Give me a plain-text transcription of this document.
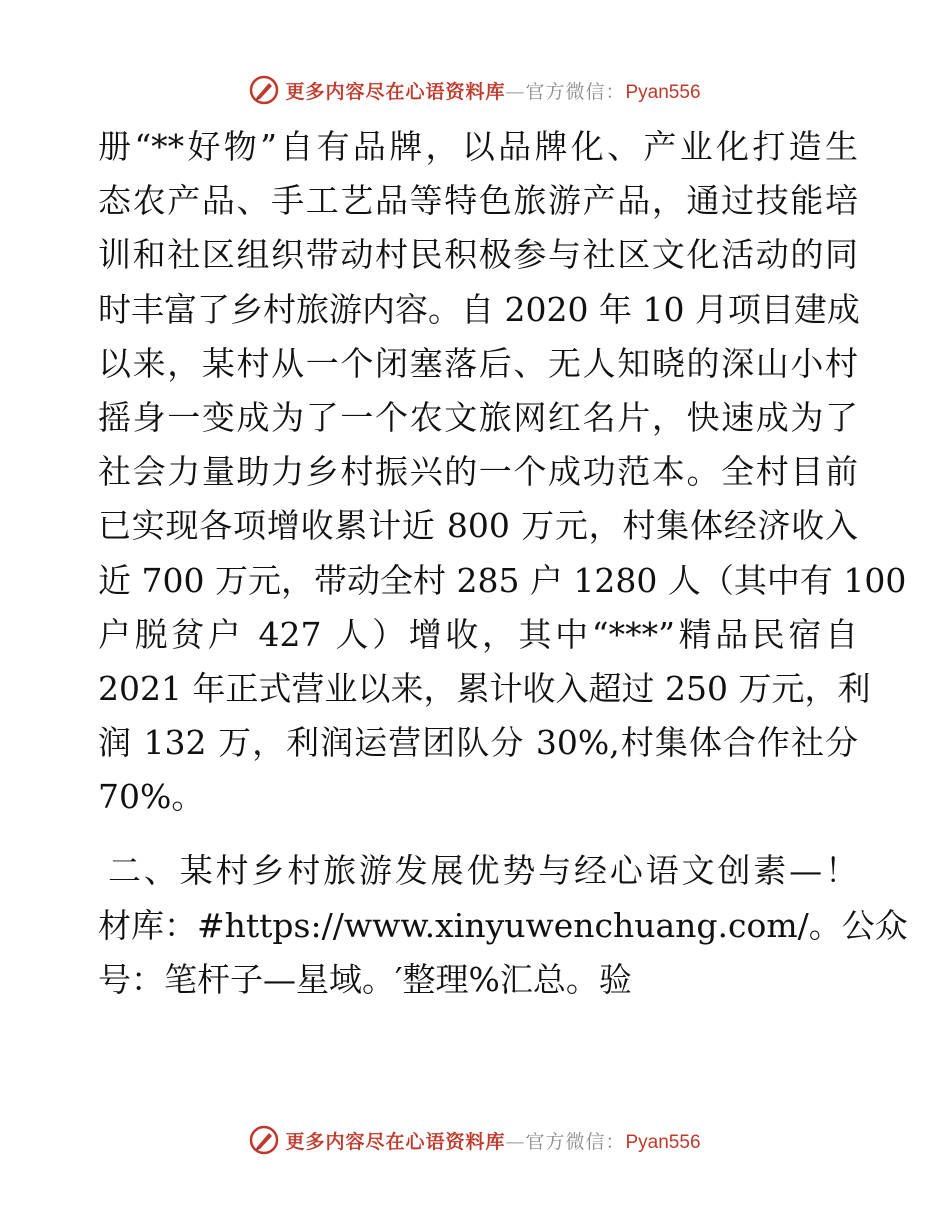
更多内容尽在心语资料库—官方微信：Pyan556
册“**好物”自有品牌，以品牌化、产业化打造生
态农产品、手工艺品等特色旅游产品，通过技能培
训和社区组织带动村民积极参与社区文化活动的同
时丰富了乡村旅游内容。自 2020 年 10 月项目建成
以来，某村从一个闭塞落后、无人知晓的深山小村
摇身一变成为了一个农文旅网红名片，快速成为了
社会力量助力乡村振兴的一个成功范本。全村目前
已实现各项增收累计近 800 万元，村集体经济收入
近 700 万元，带动全村 285 户 1280 人（其中有 100
户脱贫户 427 人）增收，其中“***”精品民宿自
2021 年正式营业以来，累计收入超过 250 万元，利
润 132 万，利润运营团队分 30%,村集体合作社分
70%。
二、某村乡村旅游发展优势与经心语文创素—！
材库：#https://www.xinyuwenchuang.com/。公众
号：笔杆子—星域。′整理%汇总。验
更多内容尽在心语资料库—官方微信：Pyan556
